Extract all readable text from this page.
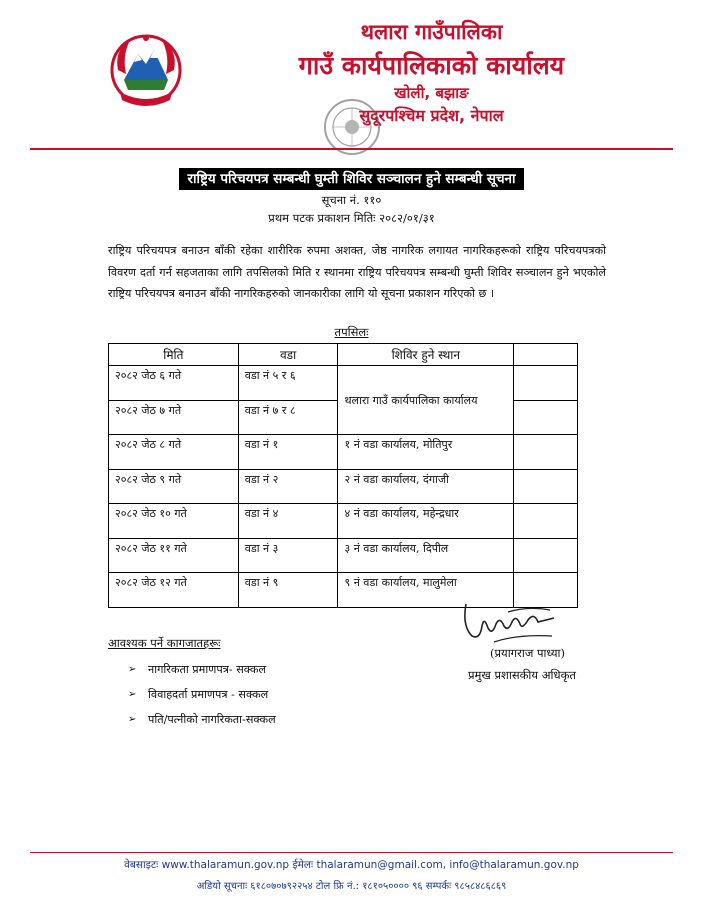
थलारा गाउँपालिका
गाउँ कार्यपालिकाको कार्यालय
खोली, बझाङ
सुदूरपश्चिम प्रदेश, नेपाल
राष्ट्रिय परिचयपत्र सम्बन्धी घुम्ती शिविर सञ्चालन हुने सम्बन्धी सूचना
सूचना नं. ११०
प्रथम पटक प्रकाशन मितिः २०८२/०१/३१

राष्ट्रिय परिचयपत्र बनाउन बाँकी रहेका शारीरिक रुपमा अशक्त, जेष्ठ नागरिक लगायत नागरिकहरूको राष्ट्रिय परिचयपत्रको विवरण दर्ता गर्न सहजताका लागि तपसिलको मिति र स्थानमा राष्ट्रिय परिचयपत्र सम्बन्धी घुम्ती शिविर सञ्चालन हुने भएकोले राष्ट्रिय परिचयपत्र बनाउन बाँकी नागरिकहरुको जानकारीका लागि यो सूचना प्रकाशन गरिएको छ ।

तपसिलः
मिति	वडा	शिविर हुने स्थान	
२०८२ जेठ ६ गते	वडा नं ५ र ६	थलारा गाउँ कार्यपालिका कार्यालय	
२०८२ जेठ ७ गते	वडा नं ७ र ८		
२०८२ जेठ ८ गते	वडा नं १	१ नं वडा कार्यालय, मोतिपुर	
२०८२ जेठ ९ गते	वडा नं २	२ नं वडा कार्यालय, दंगाजी	
२०८२ जेठ १० गते	वडा नं ४	४ नं वडा कार्यालय, महेन्द्रधार	
२०८२ जेठ ११ गते	वडा नं ३	३ नं वडा कार्यालय, दिपील	
२०८२ जेठ १२ गते	वडा नं ९	९ नं वडा कार्यालय, मालुमेला	
(प्रयागराज पाध्या)
प्रमुख प्रशासकीय अधिकृत
आवश्यक पर्ने कागजातहरूः
➢	नागरिकता प्रमाणपत्र- सक्कल
➢	विवाहदर्ता प्रमाणपत्र - सक्कल
➢	पति/पत्नीको नागरिकता-सक्कल
वेबसाइटः www.thalaramun.gov.np ईमेलः thalaramun@gmail.com, info@thalaramun.gov.np
अडियो सूचनाः ६१८०७०७९२२५४ टोल फ्रि नं.: १८१०५०००० ९६ सम्पर्कः ९८५८४८६८६९
